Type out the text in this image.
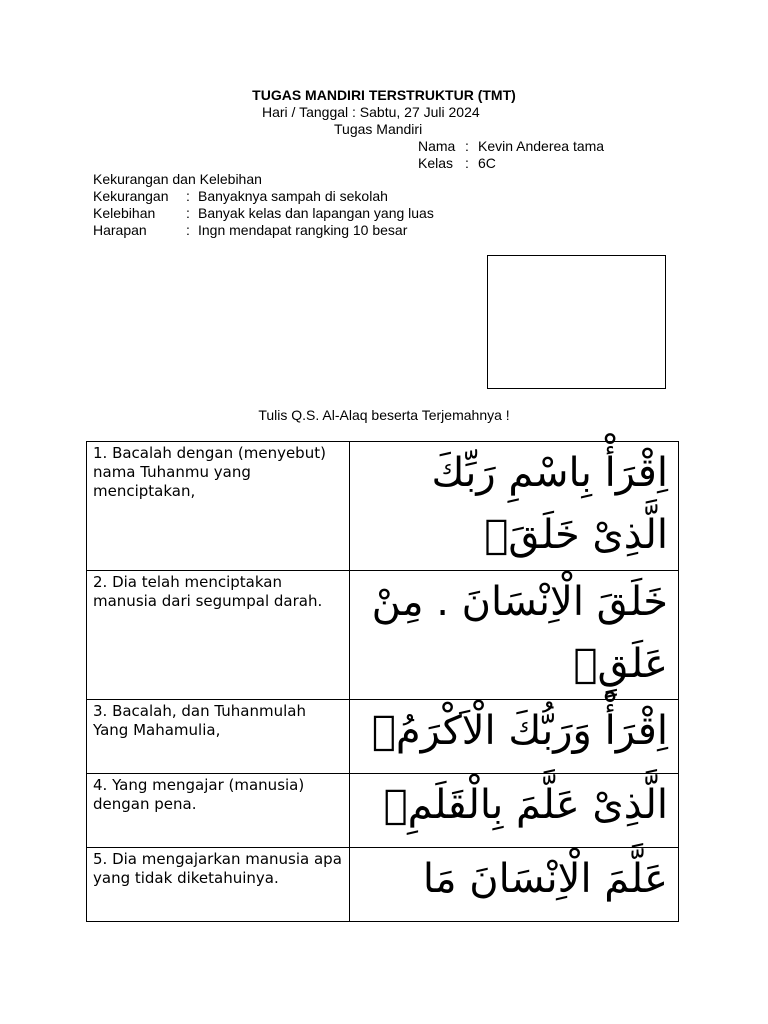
TUGAS MANDIRI TERSTRUKTUR (TMT)
Hari / Tanggal : Sabtu, 27 Juli 2024
Tugas Mandiri
Nama : Kevin Anderea tama
Kelas : 6C
Kekurangan dan Kelebihan
Kekurangan : Banyaknya sampah di sekolah
Kelebihan : Banyak kelas dan lapangan yang luas
Harapan	: Ingn mendapat rangking 10 besar
Tulis Q.S. Al-Alaq beserta Terjemahnya !
1. Bacalah dengan (menyebut) nama Tuhanmu yang menciptakan,	اِقْرَأْ بِاسْمِ رَبِّكَ الَّذِىْ خَلَقَۚ

2. Dia telah menciptakan manusia dari segumpal darah.	خَلَقَ الْاِنْسَانَ . مِنْ عَلَقٍۚ

3. Bacalah, dan Tuhanmulah Yang Mahamulia,	اِقْرَأْ وَرَبُّكَ الْاَكْرَمُۙ

4. Yang mengajar (manusia) dengan pena.	الَّذِىْ عَلَّمَ بِالْقَلَمِۙ

5. Dia mengajarkan manusia apa yang tidak diketahuinya.	عَلَّمَ الْاِنْسَانَ مَا
